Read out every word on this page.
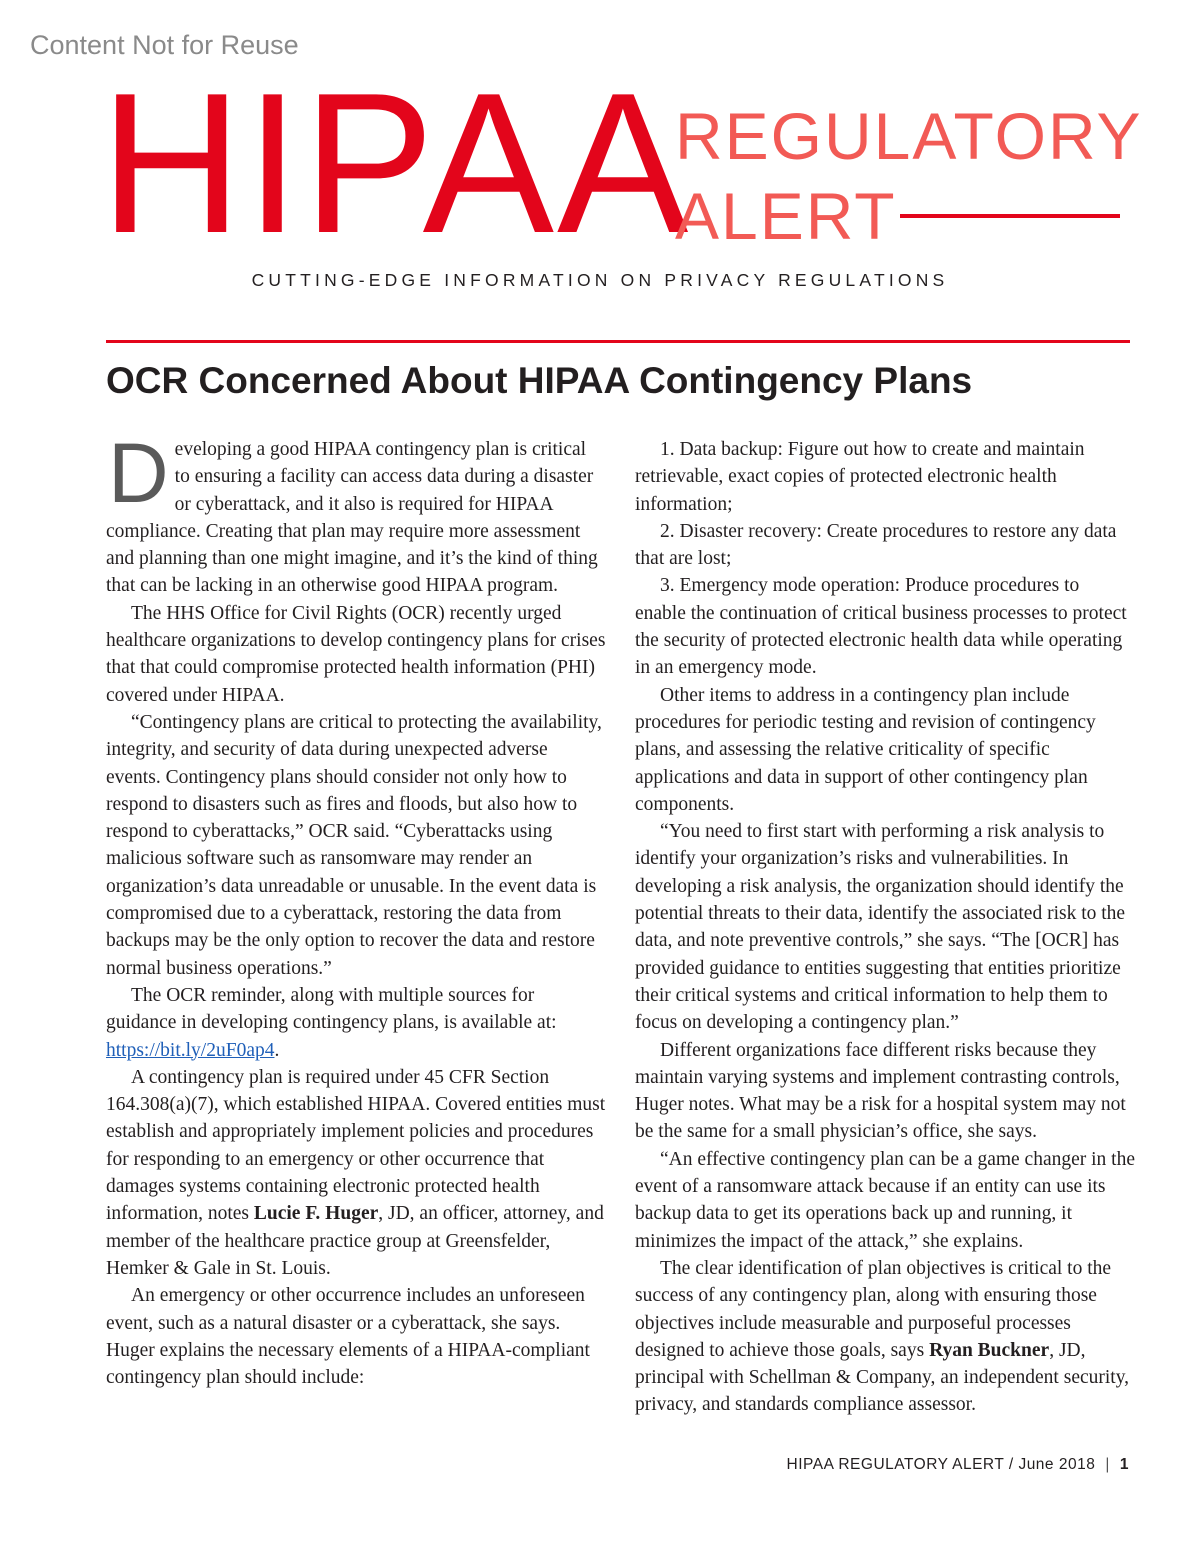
Content Not for Reuse
HIPAA
REGULATORY
ALERT
CUTTING-EDGE INFORMATION ON PRIVACY REGULATIONS
OCR Concerned About HIPAA Contingency Plans

Developing a good HIPAA contingency plan is critical to ensuring a facility can access data during a disaster or cyberattack, and it also is required for HIPAA compliance. Creating that plan may require more assessment and planning than one might imagine, and it’s the kind of thing that can be lacking in an otherwise good HIPAA program.

The HHS Office for Civil Rights (OCR) recently urged healthcare organizations to develop contingency plans for crises that that could compromise protected health information (PHI) covered under HIPAA.

“Contingency plans are critical to protecting the availability, integrity, and security of data during unexpected adverse events. Contingency plans should consider not only how to respond to disasters such as fires and floods, but also how to respond to cyberattacks,” OCR said. “Cyberattacks using malicious software such as ransomware may render an organization’s data unreadable or unusable. In the event data is compromised due to a cyberattack, restoring the data from backups may be the only option to recover the data and restore normal business operations.”

The OCR reminder, along with multiple sources for guidance in developing contingency plans, is available at: https://bit.ly/2uF0ap4.

A contingency plan is required under 45 CFR Section 164.308(a)(7), which established HIPAA. Covered entities must establish and appropriately implement policies and procedures for responding to an emergency or other occurrence that damages systems containing electronic protected health information, notes Lucie F. Huger, JD, an officer, attorney, and member of the healthcare practice group at Greensfelder, Hemker & Gale in St. Louis.

An emergency or other occurrence includes an unforeseen event, such as a natural disaster or a cyberattack, she says. Huger explains the necessary elements of a HIPAA-compliant contingency plan should include:

1. Data backup: Figure out how to create and maintain retrievable, exact copies of protected electronic health information;

2. Disaster recovery: Create procedures to restore any data that are lost;

3. Emergency mode operation: Produce procedures to enable the continuation of critical business processes to protect the security of protected electronic health data while operating in an emergency mode.

Other items to address in a contingency plan include procedures for periodic testing and revision of contingency plans, and assessing the relative criticality of specific applications and data in support of other contingency plan components.

“You need to first start with performing a risk analysis to identify your organization’s risks and vulnerabilities. In developing a risk analysis, the organization should identify the potential threats to their data, identify the associated risk to the data, and note preventive controls,” she says. “The [OCR] has provided guidance to entities suggesting that entities prioritize their critical systems and critical information to help them to focus on developing a contingency plan.”

Different organizations face different risks because they maintain varying systems and implement contrasting controls, Huger notes. What may be a risk for a hospital system may not be the same for a small physician’s office, she says.

“An effective contingency plan can be a game changer in the event of a ransomware attack because if an entity can use its backup data to get its operations back up and running, it minimizes the impact of the attack,” she explains.

The clear identification of plan objectives is critical to the success of any contingency plan, along with ensuring those objectives include measurable and purposeful processes designed to achieve those goals, says Ryan Buckner, JD, principal with Schellman & Company, an independent security, privacy, and standards compliance assessor.

HIPAA REGULATORY ALERT / June 2018 | 1
